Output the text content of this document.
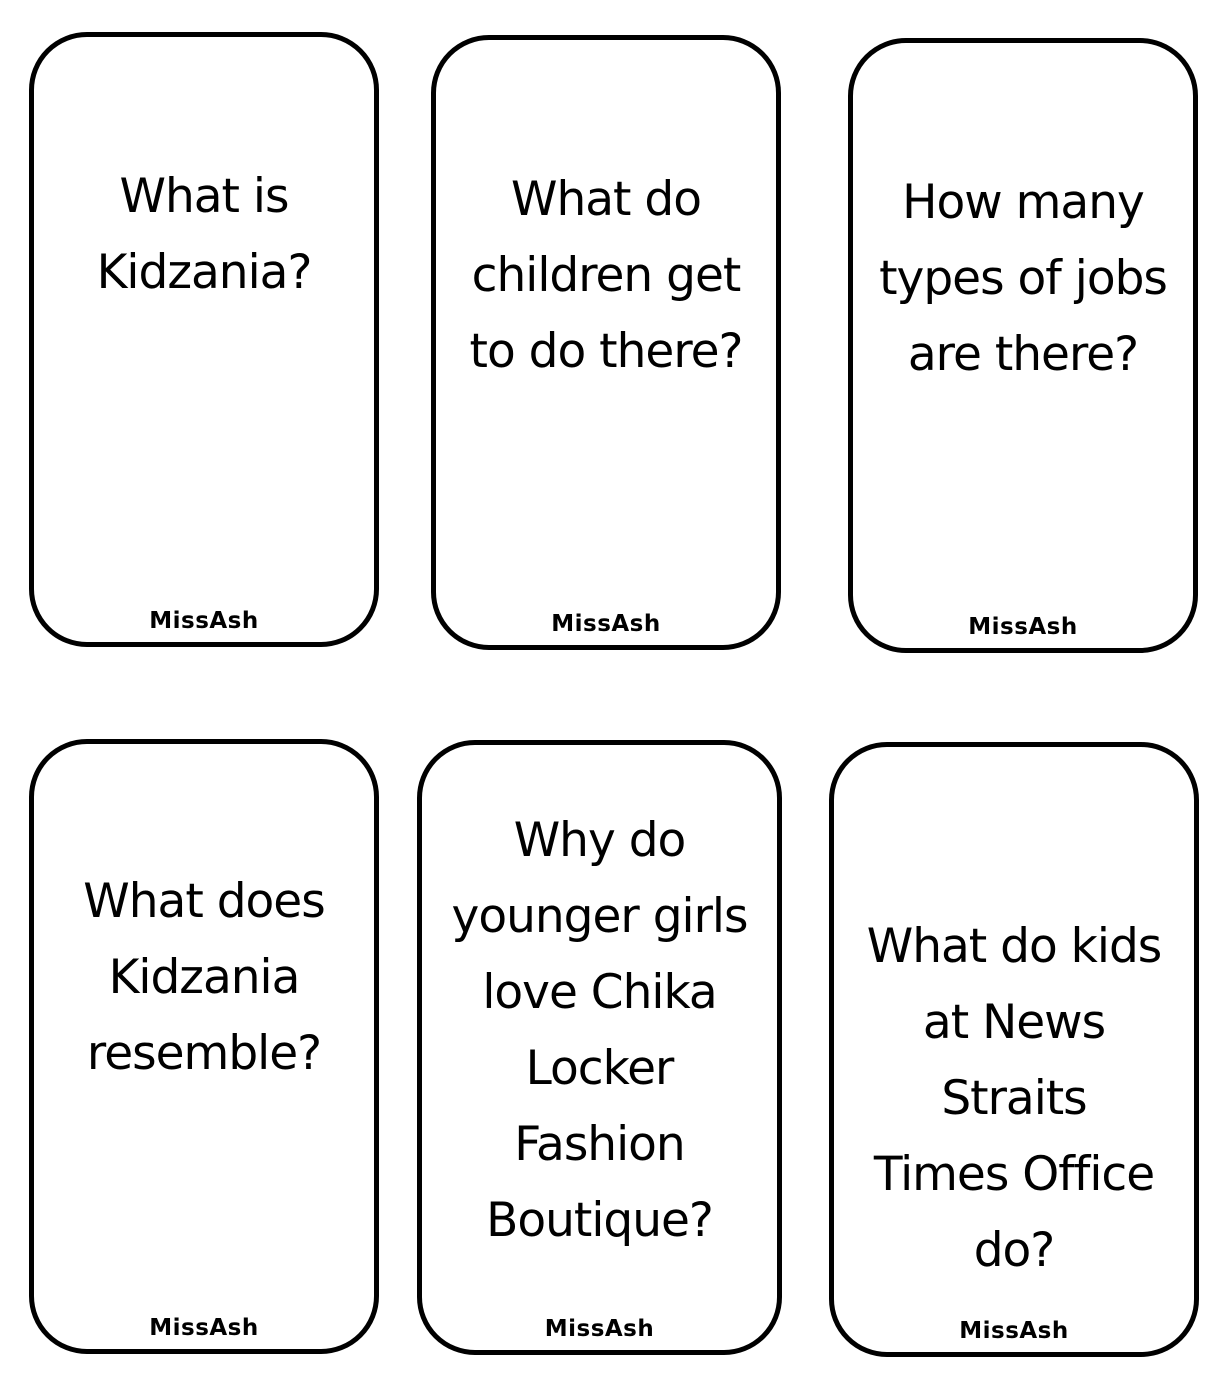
What is
Kidzania?
MissAsh
What do
children get
to do there?
MissAsh
How many
types of jobs
are there?
MissAsh
What does
Kidzania
resemble?
MissAsh
Why do
younger girls
love Chika
Locker Fashion
Boutique?
MissAsh
What do kids
at News Straits
Times Office
do?
MissAsh
